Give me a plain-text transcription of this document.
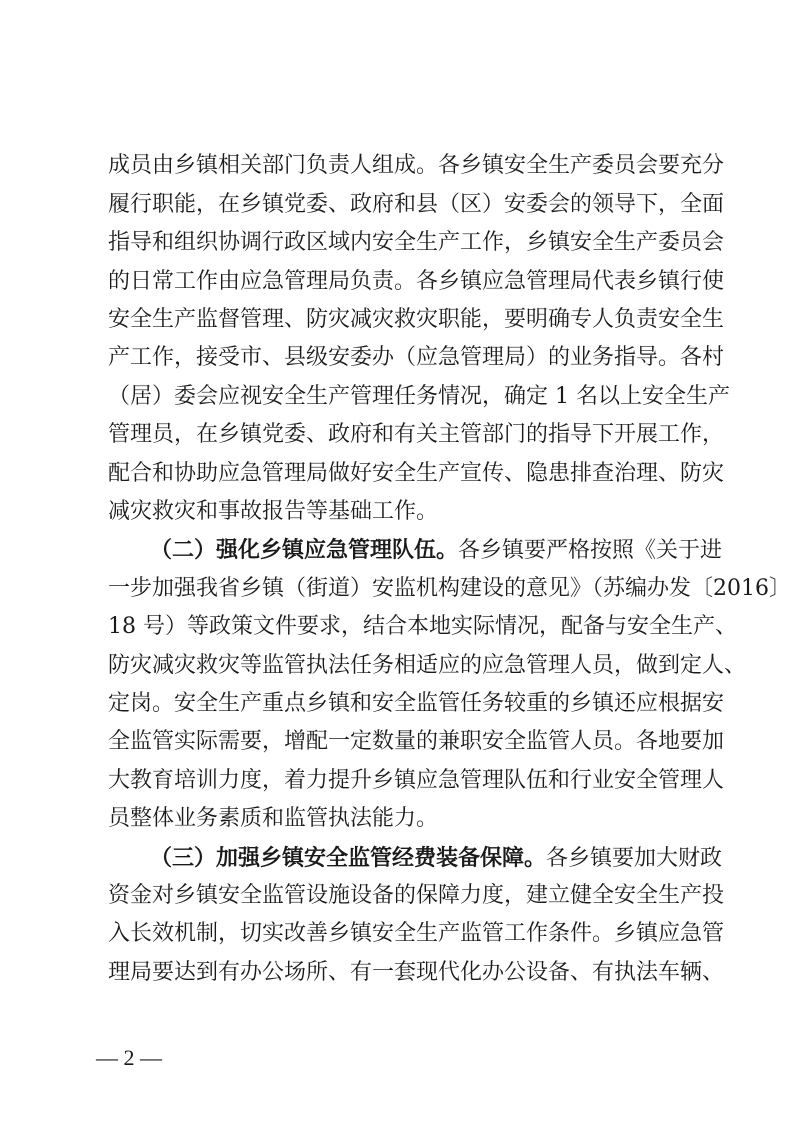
成员由乡镇相关部门负责人组成。各乡镇安全生产委员会要充分
履行职能，在乡镇党委、政府和县（区）安委会的领导下，全面
指导和组织协调行政区域内安全生产工作，乡镇安全生产委员会
的日常工作由应急管理局负责。各乡镇应急管理局代表乡镇行使
安全生产监督管理、防灾减灾救灾职能，要明确专人负责安全生
产工作，接受市、县级安委办（应急管理局）的业务指导。各村
（居）委会应视安全生产管理任务情况，确定 1 名以上安全生产
管理员，在乡镇党委、政府和有关主管部门的指导下开展工作，
配合和协助应急管理局做好安全生产宣传、隐患排查治理、防灾
减灾救灾和事故报告等基础工作。
（二）强化乡镇应急管理队伍。各乡镇要严格按照《关于进
一步加强我省乡镇（街道）安监机构建设的意见》（苏编办发〔2016〕
18 号）等政策文件要求，结合本地实际情况，配备与安全生产、
防灾减灾救灾等监管执法任务相适应的应急管理人员，做到定人、
定岗。安全生产重点乡镇和安全监管任务较重的乡镇还应根据安
全监管实际需要，增配一定数量的兼职安全监管人员。各地要加
大教育培训力度，着力提升乡镇应急管理队伍和行业安全管理人
员整体业务素质和监管执法能力。
（三）加强乡镇安全监管经费装备保障。各乡镇要加大财政
资金对乡镇安全监管设施设备的保障力度，建立健全安全生产投
入长效机制，切实改善乡镇安全生产监管工作条件。乡镇应急管
理局要达到有办公场所、有一套现代化办公设备、有执法车辆、
— 2 —
